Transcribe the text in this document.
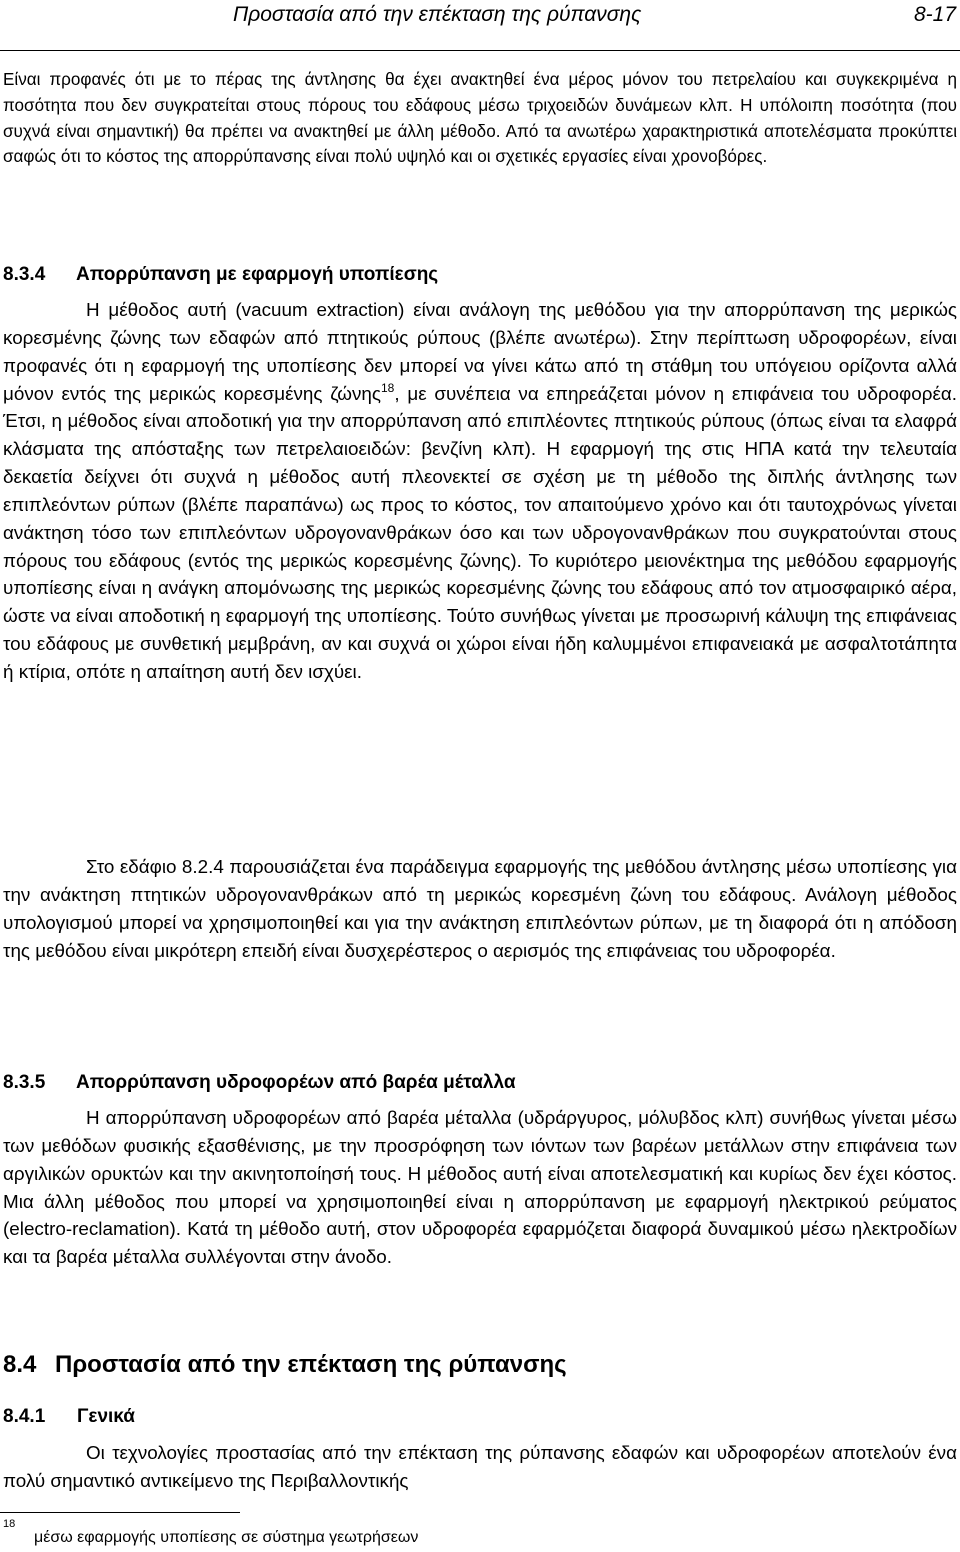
Προστασία από την επέκταση της ρύπανσης	8-17

Είναι προφανές ότι με το πέρας της άντλησης θα έχει ανακτηθεί ένα μέρος μόνον του πετρελαίου και συγκεκριμένα η ποσότητα που δεν συγκρατείται στους πόρους του εδάφους μέσω τριχοειδών δυνάμεων κλπ. Η υπόλοιπη ποσότητα (που συχνά είναι σημαντική) θα πρέπει να ανακτηθεί με άλλη μέθοδο. Από τα ανωτέρω χαρακτηριστικά αποτελέσματα προκύπτει σαφώς ότι το κόστος της απορρύπανσης είναι πολύ υψηλό και οι σχετικές εργασίες είναι χρονοβόρες.

8.3.4 Απορρύπανση με εφαρμογή υποπίεσης

Η μέθοδος αυτή (vacuum extraction) είναι ανάλογη της μεθόδου για την απορρύπανση της μερικώς κορεσμένης ζώνης των εδαφών από πτητικούς ρύπους (βλέπε ανωτέρω). Στην περίπτωση υδροφορέων, είναι προφανές ότι η εφαρμογή της υποπίεσης δεν μπορεί να γίνει κάτω από τη στάθμη του υπόγειου ορίζοντα αλλά μόνον εντός της μερικώς κορεσμένης ζώνης$^{18}$, με συνέπεια να επηρεάζεται μόνον η επιφάνεια του υδροφορέα. Έτσι, η μέθοδος είναι αποδοτική για την απορρύπανση από επιπλέοντες πτητικούς ρύπους (όπως είναι τα ελαφρά κλάσματα της απόσταξης των πετρελαιοειδών: βενζίνη κλπ). Η εφαρμογή της στις ΗΠΑ κατά την τελευταία δεκαετία δείχνει ότι συχνά η μέθοδος αυτή πλεονεκτεί σε σχέση με τη μέθοδο της διπλής άντλησης των επιπλεόντων ρύπων (βλέπε παραπάνω) ως προς το κόστος, τον απαιτούμενο χρόνο και ότι ταυτοχρόνως γίνεται ανάκτηση τόσο των επιπλεόντων υδρογονανθράκων όσο και των υδρογονανθράκων που συγκρατούνται στους πόρους του εδάφους (εντός της μερικώς κορεσμένης ζώνης). Το κυριότερο μειονέκτημα της μεθόδου εφαρμογής υποπίεσης είναι η ανάγκη απομόνωσης της μερικώς κορεσμένης ζώνης του εδάφους από τον ατμοσφαιρικό αέρα, ώστε να είναι αποδοτική η εφαρμογή της υποπίεσης. Τούτο συνήθως γίνεται με προσωρινή κάλυψη της επιφάνειας του εδάφους με συνθετική μεμβράνη, αν και συχνά οι χώροι είναι ήδη καλυμμένοι επιφανειακά με ασφαλτοτάπητα ή κτίρια, οπότε η απαίτηση αυτή δεν ισχύει.

Στο εδάφιο 8.2.4 παρουσιάζεται ένα παράδειγμα εφαρμογής της μεθόδου άντλησης μέσω υποπίεσης για την ανάκτηση πτητικών υδρογονανθράκων από τη μερικώς κορεσμένη ζώνη του εδάφους. Ανάλογη μέθοδος υπολογισμού μπορεί να χρησιμοποιηθεί και για την ανάκτηση επιπλεόντων ρύπων, με τη διαφορά ότι η απόδοση της μεθόδου είναι μικρότερη επειδή είναι δυσχερέστερος ο αερισμός της επιφάνειας του υδροφορέα.

8.3.5 Απορρύπανση υδροφορέων από βαρέα μέταλλα

Η απορρύπανση υδροφορέων από βαρέα μέταλλα (υδράργυρος, μόλυβδος κλπ) συνήθως γίνεται μέσω των μεθόδων φυσικής εξασθένισης, με την προσρόφηση των ιόντων των βαρέων μετάλλων στην επιφάνεια των αργιλικών ορυκτών και την ακινητοποίησή τους. Η μέθοδος αυτή είναι αποτελεσματική και κυρίως δεν έχει κόστος. Μια άλλη μέθοδος που μπορεί να χρησιμοποιηθεί είναι η απορρύπανση με εφαρμογή ηλεκτρικού ρεύματος (electro-reclamation). Κατά τη μέθοδο αυτή, στον υδροφορέα εφαρμόζεται διαφορά δυναμικού μέσω ηλεκτροδίων και τα βαρέα μέταλλα συλλέγονται στην άνοδο.

8.4 Προστασία από την επέκταση της ρύπανσης
8.4.1 Γενικά

Οι τεχνολογίες προστασίας από την επέκταση της ρύπανσης εδαφών και υδροφορέων αποτελούν ένα πολύ σημαντικό αντικείμενο της Περιβαλλοντικής

18
μέσω εφαρμογής υποπίεσης σε σύστημα γεωτρήσεων
